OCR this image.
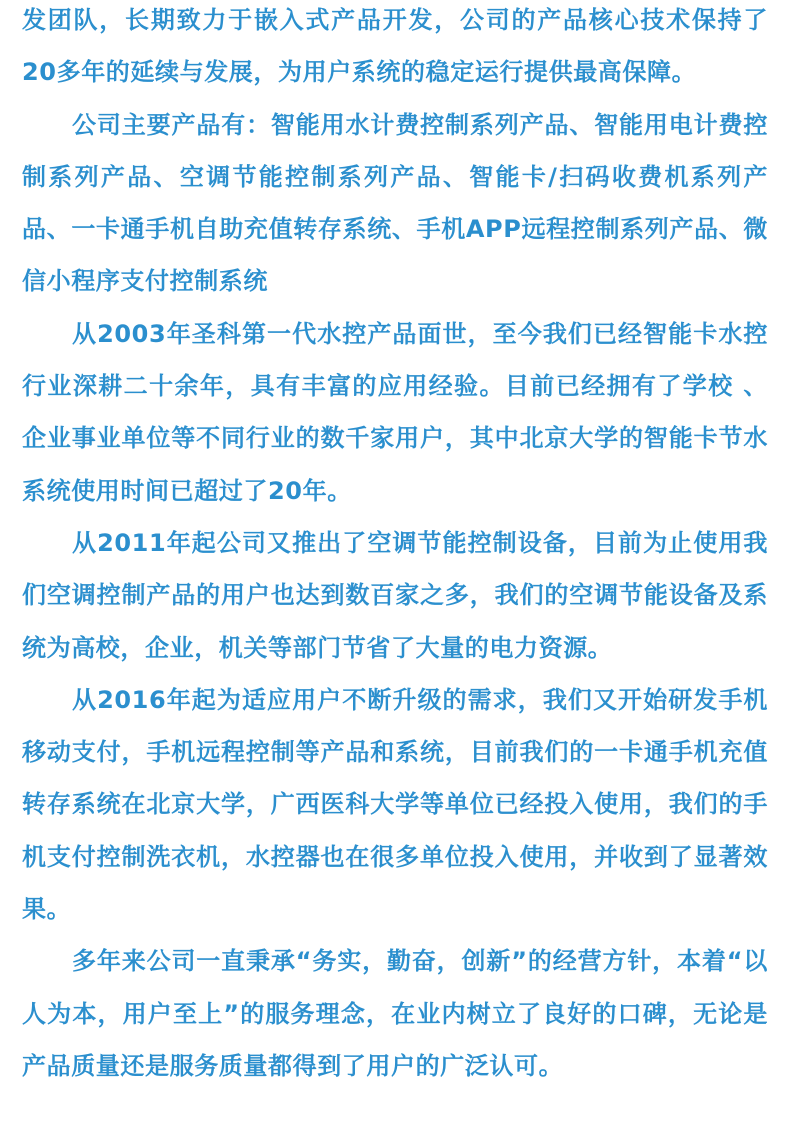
发团队，长期致力于嵌入式产品开发，公司的产品核心技术保持了20多年的延续与发展，为用户系统的稳定运行提供最高保障。

公司主要产品有：智能用水计费控制系列产品、智能用电计费控制系列产品、空调节能控制系列产品、智能卡/扫码收费机系列产品、一卡通手机自助充值转存系统、手机APP远程控制系列产品、微信小程序支付控制系统

从2003年圣科第一代水控产品面世，至今我们已经智能卡水控行业深耕二十余年，具有丰富的应用经验。目前已经拥有了学校 、企业事业单位等不同行业的数千家用户，其中北京大学的智能卡节水系统使用时间已超过了20年。

从2011年起公司又推出了空调节能控制设备，目前为止使用我们空调控制产品的用户也达到数百家之多，我们的空调节能设备及系统为高校，企业，机关等部门节省了大量的电力资源。

从2016年起为适应用户不断升级的需求，我们又开始研发手机移动支付，手机远程控制等产品和系统，目前我们的一卡通手机充值转存系统在北京大学，广西医科大学等单位已经投入使用，我们的手机支付控制洗衣机，水控器也在很多单位投入使用，并收到了显著效果。

多年来公司一直秉承“务实，勤奋，创新”的经营方针，本着“以人为本，用户至上”的服务理念，在业内树立了良好的口碑，无论是产品质量还是服务质量都得到了用户的广泛认可。
